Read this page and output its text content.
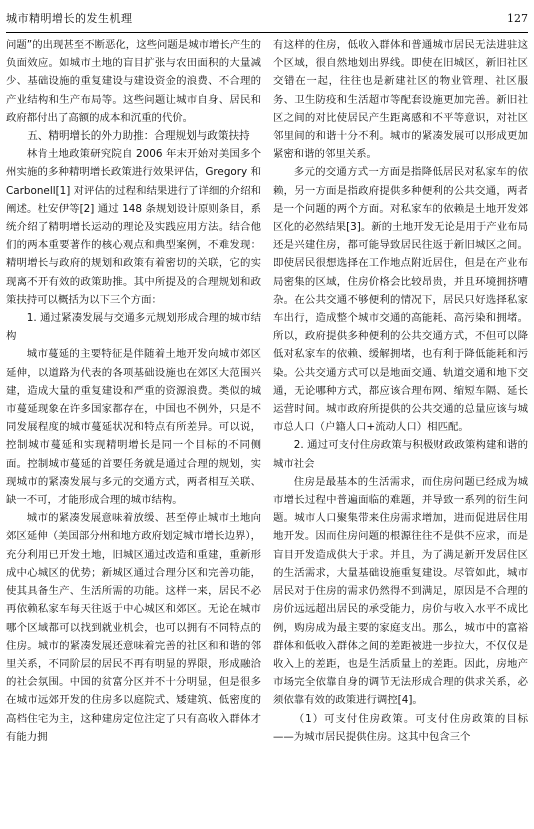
城市精明增长的发生机理	127

问题”的出现甚至不断恶化，这些问题是城市增长产生的负面效应。如城市土地的盲目扩张与农田面积的大量减少、基础设施的重复建设与建设资金的浪费、不合理的产业结构和生产布局等。这些问题让城市自身、居民和政府都付出了高额的成本和沉重的代价。

五、精明增长的外力助推：合理规划与政策扶持

林肯土地政策研究院自 2006 年末开始对美国多个州实施的多种精明增长政策进行效果评估，Gregory 和 Carbonell[1] 对评估的过程和结果进行了详细的介绍和阐述。杜安伊等[2] 通过 148 条规划设计原则条目，系统介绍了精明增长运动的理论及实践应用方法。结合他们的两本重要著作的核心观点和典型案例，不难发现：精明增长与政府的规划和政策有着密切的关联，它的实现离不开有效的政策助推。其中所提及的合理规划和政策扶持可以概括为以下三个方面：

1. 通过紧凑发展与交通多元规划形成合理的城市结构

城市蔓延的主要特征是伴随着土地开发向城市郊区延伸，以道路为代表的各项基础设施也在郊区大范围兴建，造成大量的重复建设和严重的资源浪费。类似的城市蔓延现象在许多国家都存在，中国也不例外，只是不同发展程度的城市蔓延状况和特点有所差异。可以说，控制城市蔓延和实现精明增长是同一个目标的不同侧面。控制城市蔓延的首要任务就是通过合理的规划，实现城市的紧凑发展与多元的交通方式，两者相互关联、缺一不可，才能形成合理的城市结构。

城市的紧凑发展意味着放缓、甚至停止城市土地向郊区延伸（美国部分州和地方政府划定城市增长边界），充分利用已开发土地，旧城区通过改造和重建，重新形成中心城区的优势；新城区通过合理分区和完善功能，使其具备生产、生活所需的功能。这样一来，居民不必再依赖私家车每天往返于中心城区和郊区。无论在城市哪个区域都可以找到就业机会，也可以拥有不同特点的住房。城市的紧凑发展还意味着完善的社区和和谐的邻里关系，不同阶层的居民不再有明显的界限，形成融洽的社会氛围。中国的贫富分区并不十分明显，但是很多在城市远郊开发的住房多以庭院式、矮建筑、低密度的高档住宅为主，这种建房定位注定了只有高收入群体才有能力拥

有这样的住房，低收入群体和普通城市居民无法进驻这个区域，很自然地划出界线。即使在旧城区，新旧社区交错在一起，往往也是新建社区的物业管理、社区服务、卫生防疫和生活超市等配套设施更加完善。新旧社区之间的对比使居民产生距离感和不平等意识，对社区邻里间的和谐十分不利。城市的紧凑发展可以形成更加紧密和谐的邻里关系。

多元的交通方式一方面是指降低居民对私家车的依赖，另一方面是指政府提供多种便利的公共交通，两者是一个问题的两个方面。对私家车的依赖是土地开发郊区化的必然结果[3]。新的土地开发无论是用于产业布局还是兴建住房，都可能导致居民往返于新旧城区之间。即使居民很想选择在工作地点附近居住，但是在产业布局密集的区域，住房价格会比较昂贵，并且环境拥挤嘈杂。在公共交通不够便利的情况下，居民只好选择私家车出行，造成整个城市交通的高能耗、高污染和拥堵。所以，政府提供多种便利的公共交通方式，不但可以降低对私家车的依赖、缓解拥堵，也有利于降低能耗和污染。公共交通方式可以是地面交通、轨道交通和地下交通，无论哪种方式，都应该合理布网、缩短车隔、延长运营时间。城市政府所提供的公共交通的总量应该与城市总人口（户籍人口+流动人口）相匹配。

2. 通过可支付住房政策与积极财政政策构建和谐的城市社会

住房是最基本的生活需求，而住房问题已经成为城市增长过程中普遍面临的难题，并导致一系列的衍生问题。城市人口聚集带来住房需求增加，进而促进居住用地开发。因而住房问题的根源往往不是供不应求，而是盲目开发造成供大于求。并且，为了满足新开发居住区的生活需求，大量基础设施重复建设。尽管如此，城市居民对于住房的需求仍然得不到满足，原因是不合理的房价远远超出居民的承受能力，房价与收入水平不成比例，购房成为最主要的家庭支出。那么，城市中的富裕群体和低收入群体之间的差距被进一步拉大，不仅仅是收入上的差距，也是生活质量上的差距。因此，房地产市场完全依靠自身的调节无法形成合理的供求关系，必须依靠有效的政策进行调控[4]。

（1）可支付住房政策。可支付住房政策的目标——为城市居民提供住房。这其中包含三个
